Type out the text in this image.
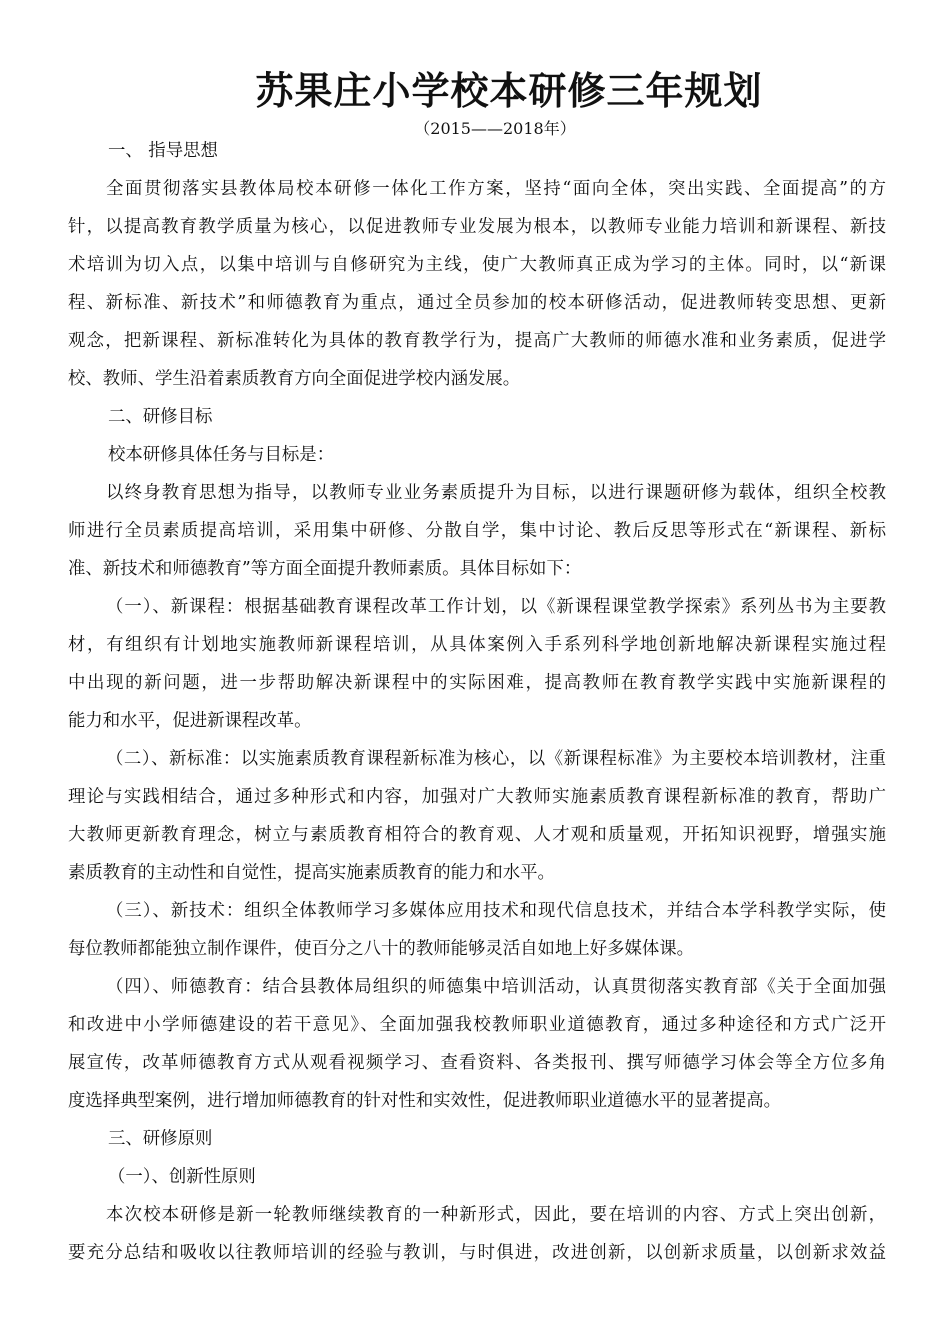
苏果庄小学校本研修三年规划
（2015——2018年）
一、 指导思想
全面贯彻落实县教体局校本研修一体化工作方案，坚持“面向全体，突出实践、全面提高”的方
针，以提高教育教学质量为核心，以促进教师专业发展为根本，以教师专业能力培训和新课程、新技
术培训为切入点，以集中培训与自修研究为主线，使广大教师真正成为学习的主体。同时，以“新课
程、新标准、新技术”和师德教育为重点，通过全员参加的校本研修活动，促进教师转变思想、更新
观念，把新课程、新标准转化为具体的教育教学行为，提高广大教师的师德水准和业务素质，促进学
校、教师、学生沿着素质教育方向全面促进学校内涵发展。
二、研修目标
校本研修具体任务与目标是：
以终身教育思想为指导，以教师专业业务素质提升为目标，以进行课题研修为载体，组织全校教
师进行全员素质提高培训，采用集中研修、分散自学，集中讨论、教后反思等形式在“新课程、新标
准、新技术和师德教育”等方面全面提升教师素质。具体目标如下：
（一）、新课程：根据基础教育课程改革工作计划，以《新课程课堂教学探索》系列丛书为主要教
材，有组织有计划地实施教师新课程培训，从具体案例入手系列科学地创新地解决新课程实施过程
中出现的新问题，进一步帮助解决新课程中的实际困难，提高教师在教育教学实践中实施新课程的
能力和水平，促进新课程改革。
（二）、新标准：以实施素质教育课程新标准为核心，以《新课程标准》为主要校本培训教材，注重
理论与实践相结合，通过多种形式和内容，加强对广大教师实施素质教育课程新标准的教育，帮助广
大教师更新教育理念，树立与素质教育相符合的教育观、人才观和质量观，开拓知识视野，增强实施
素质教育的主动性和自觉性，提高实施素质教育的能力和水平。
（三）、新技术：组织全体教师学习多媒体应用技术和现代信息技术，并结合本学科教学实际，使
每位教师都能独立制作课件，使百分之八十的教师能够灵活自如地上好多媒体课。
（四）、师德教育：结合县教体局组织的师德集中培训活动，认真贯彻落实教育部《关于全面加强
和改进中小学师德建设的若干意见》、全面加强我校教师职业道德教育，通过多种途径和方式广泛开
展宣传，改革师德教育方式从观看视频学习、查看资料、各类报刊、撰写师德学习体会等全方位多角
度选择典型案例，进行增加师德教育的针对性和实效性，促进教师职业道德水平的显著提高。
三、研修原则
（一）、创新性原则
本次校本研修是新一轮教师继续教育的一种新形式，因此，要在培训的内容、方式上突出创新，
要充分总结和吸收以往教师培训的经验与教训，与时俱进，改进创新，以创新求质量，以创新求效益
